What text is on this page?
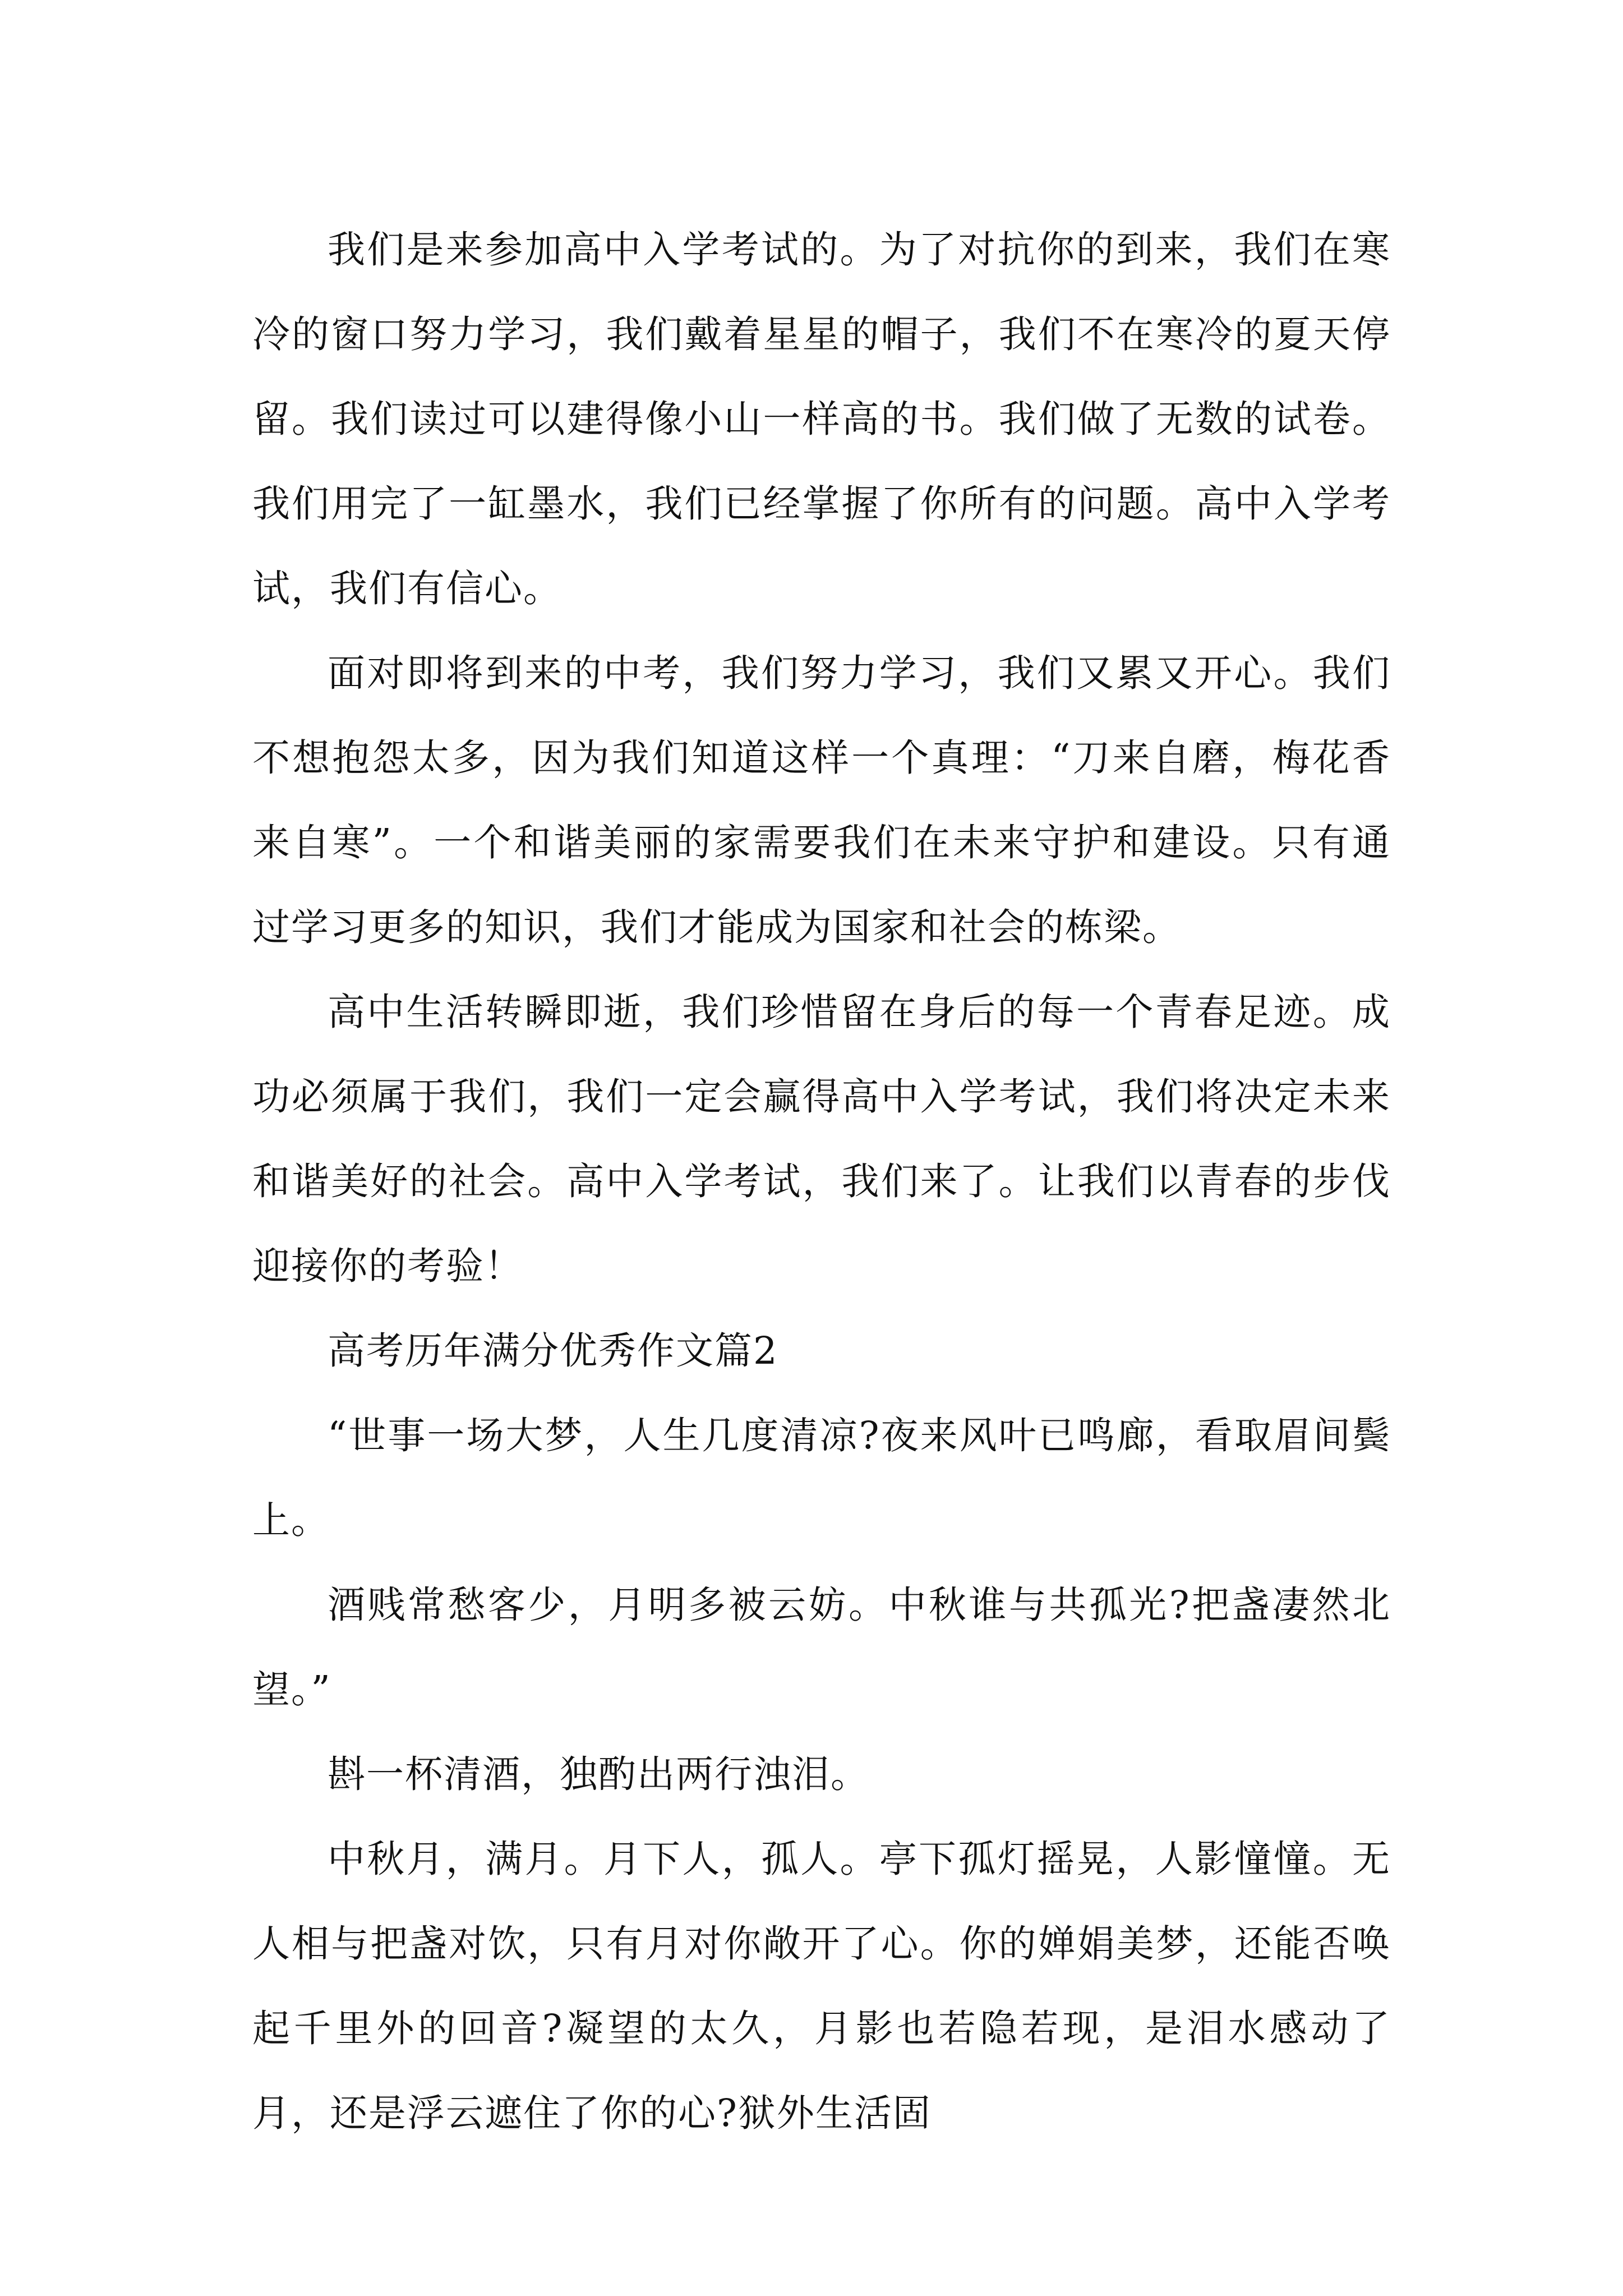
我们是来参加高中入学考试的。为了对抗你的到来，我们在寒冷的窗口努力学习，我们戴着星星的帽子，我们不在寒冷的夏天停留。我们读过可以建得像小山一样高的书。我们做了无数的试卷。我们用完了一缸墨水，我们已经掌握了你所有的问题。高中入学考试，我们有信心。

面对即将到来的中考，我们努力学习，我们又累又开心。我们不想抱怨太多，因为我们知道这样一个真理：“刀来自磨，梅花香来自寒”。一个和谐美丽的家需要我们在未来守护和建设。只有通过学习更多的知识，我们才能成为国家和社会的栋梁。

高中生活转瞬即逝，我们珍惜留在身后的每一个青春足迹。成功必须属于我们，我们一定会赢得高中入学考试，我们将决定未来和谐美好的社会。高中入学考试，我们来了。让我们以青春的步伐迎接你的考验！

高考历年满分优秀作文篇2

“世事一场大梦，人生几度清凉?夜来风叶已鸣廊，看取眉间鬓上。

酒贱常愁客少，月明多被云妨。中秋谁与共孤光?把盏凄然北望。”

斟一杯清酒，独酌出两行浊泪。

中秋月，满月。月下人，孤人。亭下孤灯摇晃，人影憧憧。无人相与把盏对饮，只有月对你敞开了心。你的婵娟美梦，还能否唤起千里外的回音?凝望的太久，月影也若隐若现，是泪水感动了月，还是浮云遮住了你的心?狱外生活固
